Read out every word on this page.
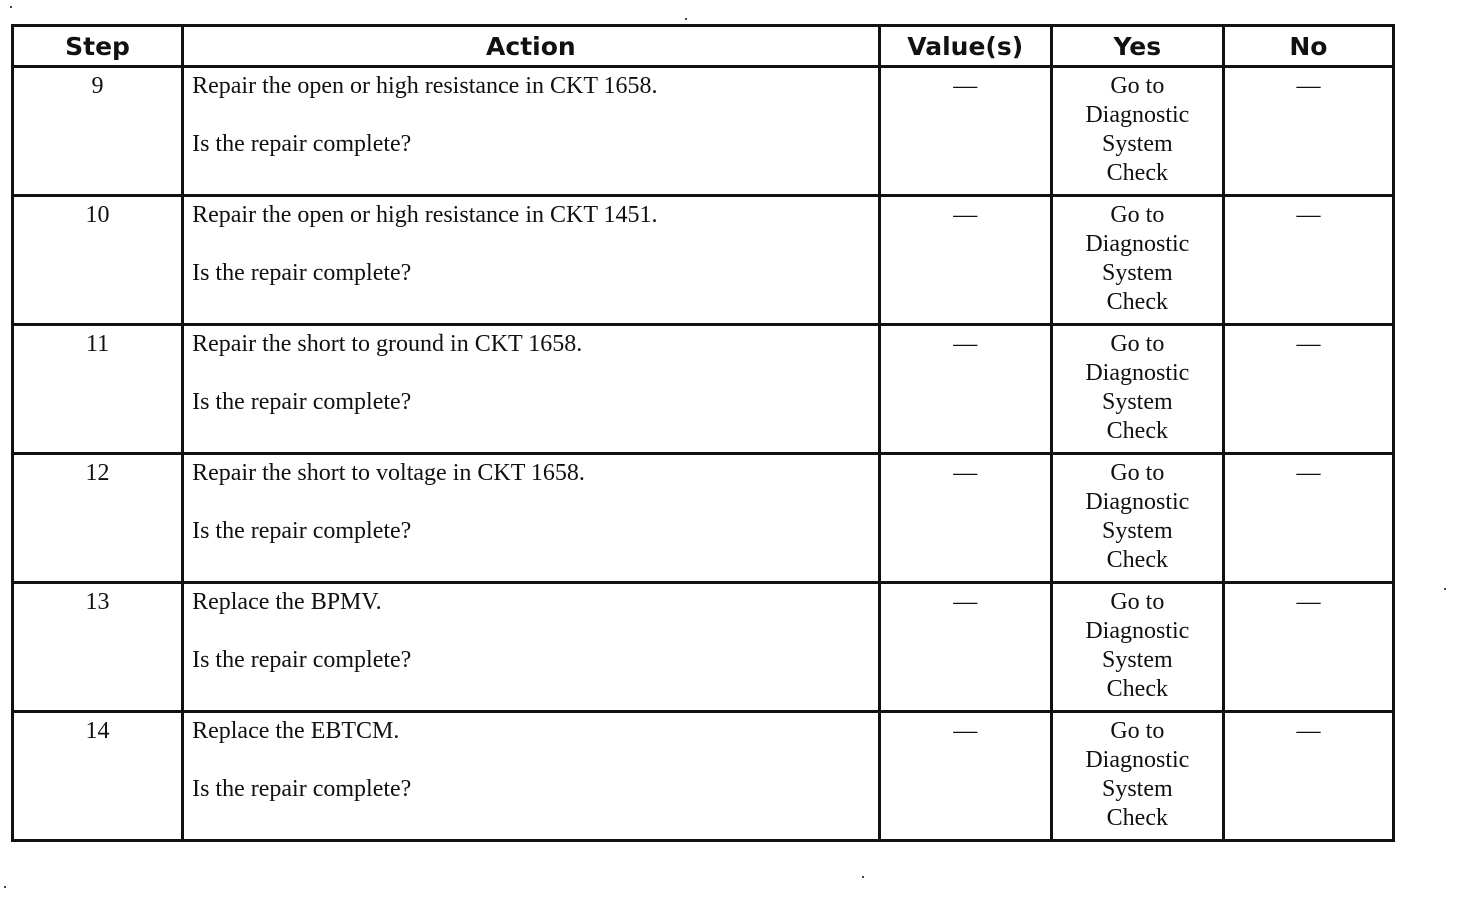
Step	Action	Value(s)	Yes	No
9	Repair the open or high resistance in CKT 1658.
Is the repair complete?	—	Go to
Diagnostic
System
Check	—
10	Repair the open or high resistance in CKT 1451.
Is the repair complete?	—	Go to
Diagnostic
System
Check	—
11	Repair the short to ground in CKT 1658.
Is the repair complete?	—	Go to
Diagnostic
System
Check	—
12	Repair the short to voltage in CKT 1658.
Is the repair complete?	—	Go to
Diagnostic
System
Check	—
13	Replace the BPMV.
Is the repair complete?	—	Go to
Diagnostic
System
Check	—
14	Replace the EBTCM.
Is the repair complete?	—	Go to
Diagnostic
System
Check	—
